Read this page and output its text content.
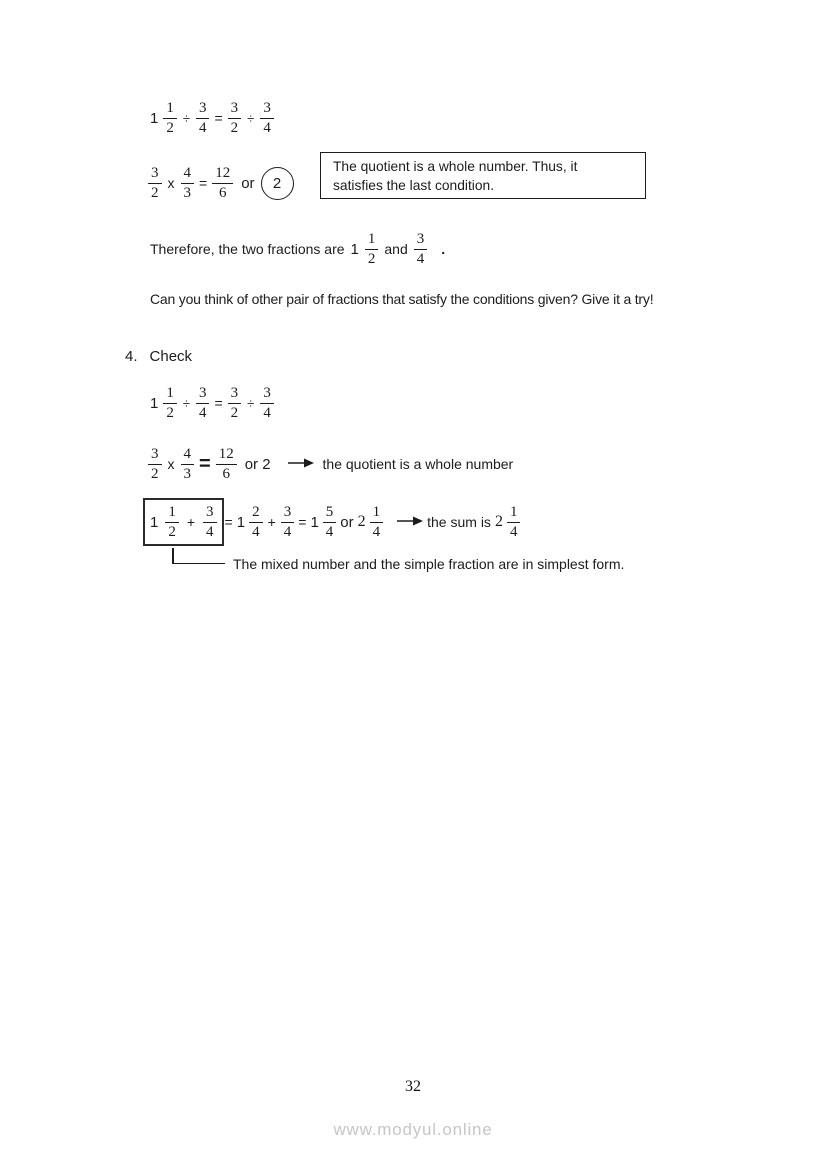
$1 \frac{1}{2} \div \frac{3}{4} = \frac{3}{2} \div \frac{3}{4}$
$\frac{3}{2}$ x $\frac{4}{3} = \frac{12}{6}$ or	2
The quotient is a whole number. Thus, it
satisfies the last condition.
Therefore, the two fractions are $1 \frac{1}{2}$ and $\frac{3}{4}$ .
Can you think of other pair of fractions that satisfy the conditions given? Give it a try!
4. Check
$1 \frac{1}{2} \div \frac{3}{4} = \frac{3}{2} \div \frac{3}{4}$
$\frac{3}{2}$ x $\frac{4}{3} = \frac{12}{6}$ or 2	the quotient is a whole number
$1 \frac{1}{2} + \frac{3}{4} = 1 \frac{2}{4} + \frac{3}{4} = 1 \frac{5}{4}$ or $2 \frac{1}{4}$	the sum is $2 \frac{1}{4}$
The mixed number and the simple fraction are in simplest form.
32
www.modyul.online
